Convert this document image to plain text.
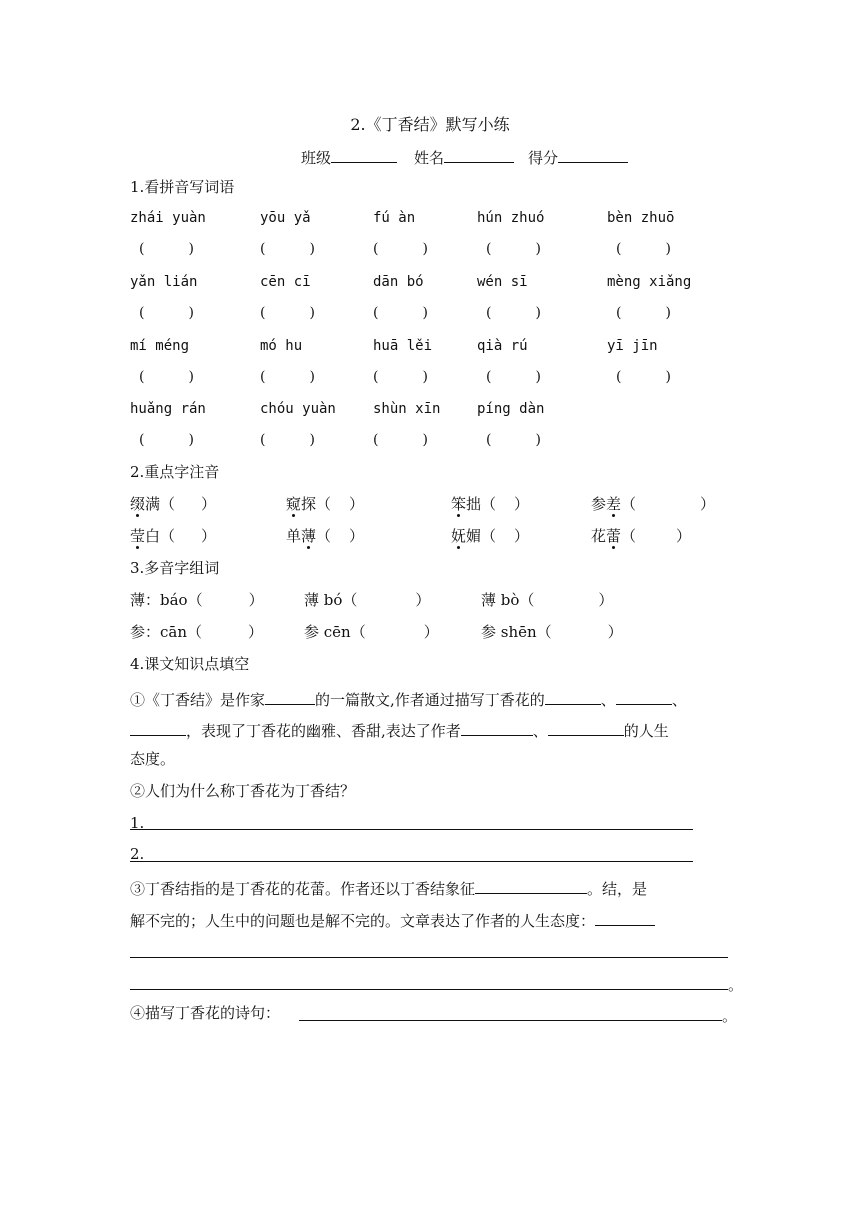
2.《丁香结》默写小练
班级	姓名	得分
1.看拼音写词语
zhái yuàn	yōu yǎ	fú àn	hún zhuó	bèn zhuō
(	)	(	)	(	)	(	)	(	)
yǎn lián	cēn cī	dān bó	wén sī	mèng xiǎng
(	)	(	)	(	)	(	)	(	)
mí méng	mó hu	huā lěi	qià rú	yī jīn
(	)	(	)	(	)	(	)	(	)
huǎng rán	chóu yuàn	shùn xīn	píng dàn
(	)	(	)	(	)	(	)
2.重点字注音
缀满（ ）	窥探（ ）	笨拙（ ）	参差（	）
莹白（ ）	单薄（ ）	妩媚（ ）	花蕾（	）
3.多音字组词
薄：báo（	）	薄 bó（	）	薄 bò（	）
参：cān（	）	参 cēn（	）	参 shēn（	）
4.课文知识点填空
①《丁香结》是作家	的一篇散文,作者通过描写丁香花的	、	、
，表现了丁香花的幽雅、香甜,表达了作者	、	的人生
态度。
②人们为什么称丁香花为丁香结？
1.
2.
③丁香结指的是丁香花的花蕾。作者还以丁香结象征	。结，是
解不完的；人生中的问题也是解不完的。文章表达了作者的人生态度：
。
④描写丁香花的诗句：	。
